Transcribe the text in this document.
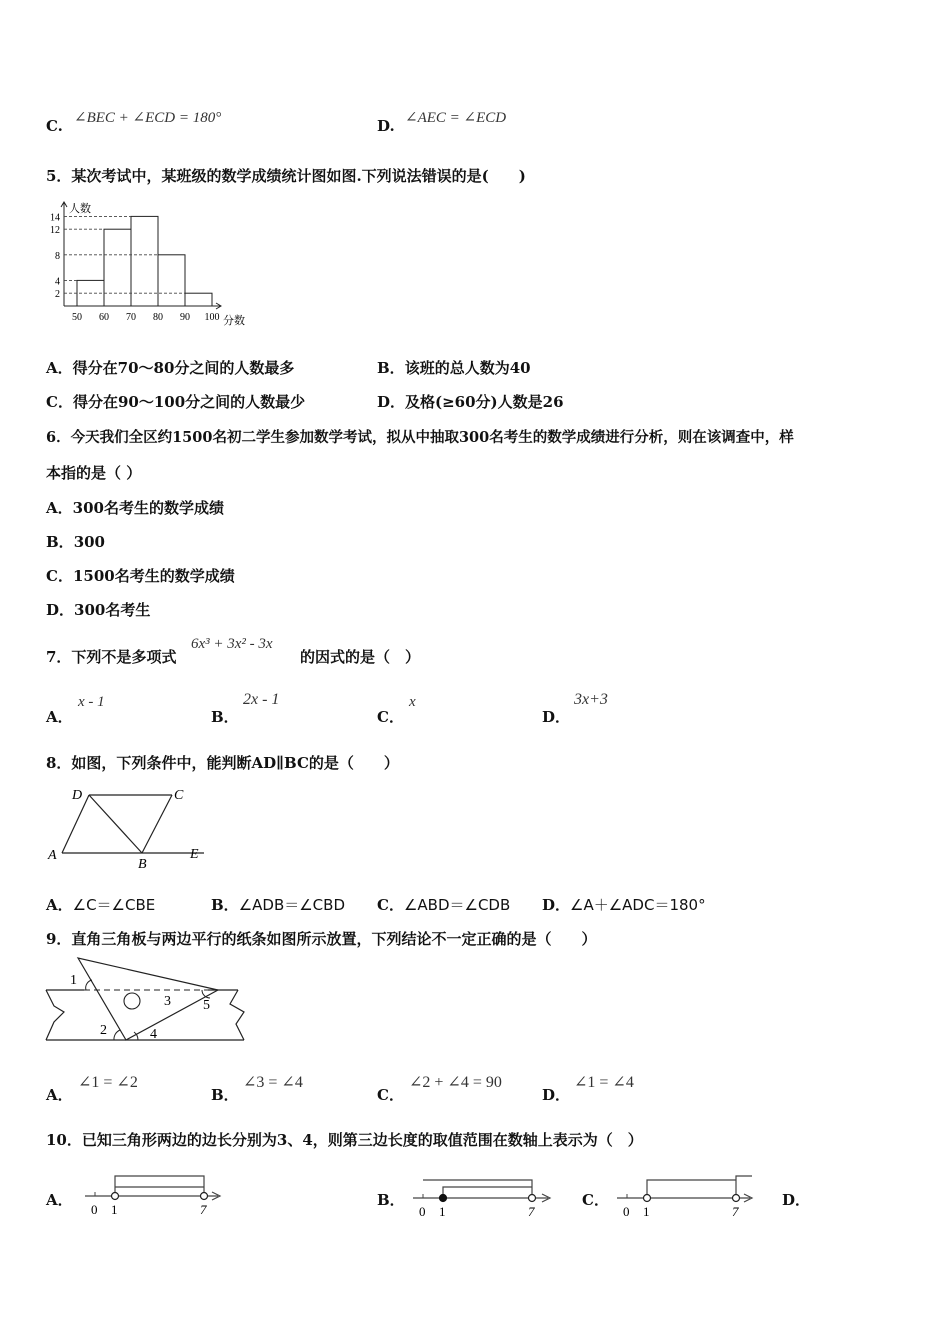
C. ∠BEC + ∠ECD = 180°	D. ∠AEC = ∠ECD
5．某次考试中，某班级的数学成绩统计图如图.下列说法错误的是(　　)
4
12
14
8
2
50 60 70 80 90 100
人数
分数
A．得分在70～80分之间的人数最多	B．该班的总人数为40
C．得分在90～100分之间的人数最少	D．及格(≥60分)人数是26
6．今天我们全区约1500名初二学生参加数学考试，拟从中抽取300名考生的数学成绩进行分析，则在该调查中，样
本指的是（ ）
A．300名考生的数学成绩
B．300
C．1500名考生的数学成绩
D．300名考生
7．下列不是多项式
6x³ + 3x² - 3x
的因式的是（　）
A．
x - 1
B．
2x - 1
C．
x
D．
3x+3
8．如图，下列条件中，能判断AD∥BC的是（　　）
A
B
C
D
E
A．∠C＝∠CBE	B．∠ADB＝∠CBD C．∠ABD＝∠CDB D．∠A＋∠ADC＝180°
9．直角三角板与两边平行的纸条如图所示放置，下列结论不一定正确的是（　　）
1
2
3
4
5
A．
∠1 = ∠2
B．
∠3 = ∠4
C．
∠2 + ∠4 = 90
D．
∠1 = ∠4
10．已知三角形两边的边长分别为3、4，则第三边长度的取值范围在数轴上表示为（　）
A．
0 1	7
B．
0 1	7
C．
0 1	7
D．
